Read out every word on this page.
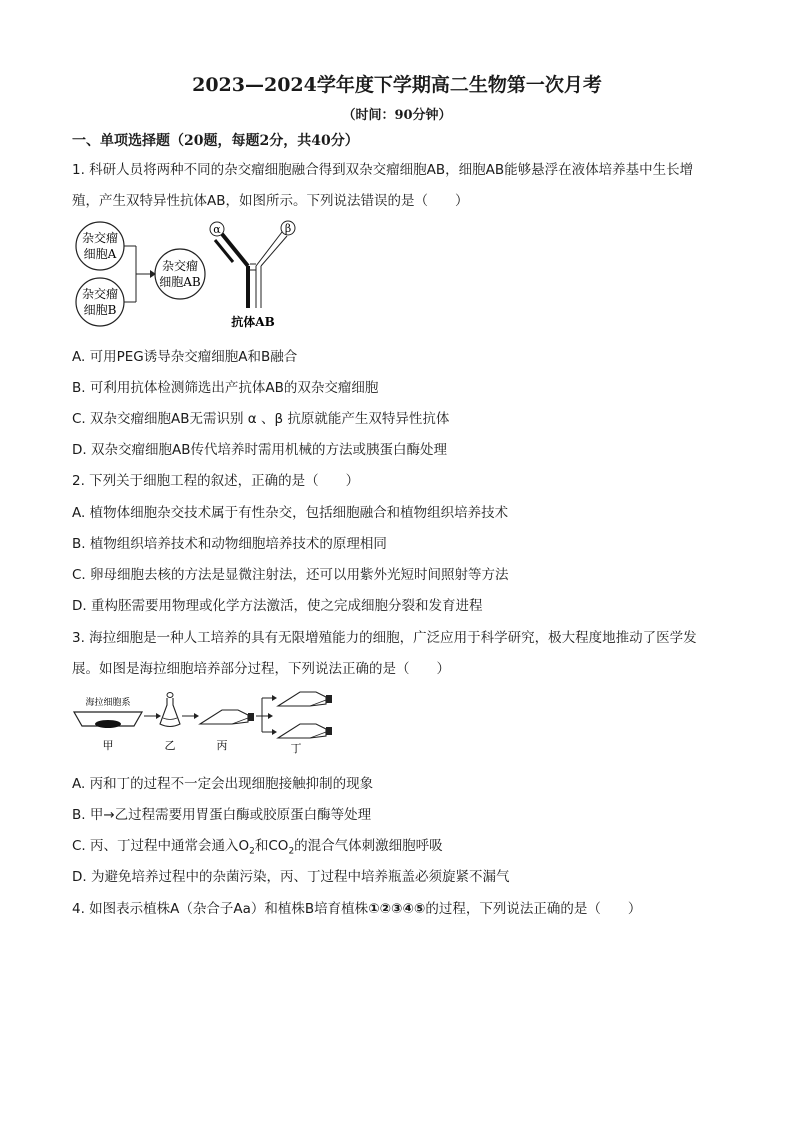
2023—2024学年度下学期高二生物第一次月考
（时间：90分钟）
一、单项选择题（20题，每题2分，共40分）
1. 科研人员将两种不同的杂交瘤细胞融合得到双杂交瘤细胞AB，细胞AB能够悬浮在液体培养基中生长增
殖，产生双特异性抗体AB，如图所示。下列说法错误的是（　　）
杂交瘤
细胞A
杂交瘤
细胞B
杂交瘤
细胞AB
α	β
抗体AB
A. 可用PEG诱导杂交瘤细胞A和B融合
B. 可利用抗体检测筛选出产抗体AB的双杂交瘤细胞
C. 双杂交瘤细胞AB无需识别 α 、β 抗原就能产生双特异性抗体
D. 双杂交瘤细胞AB传代培养时需用机械的方法或胰蛋白酶处理
2. 下列关于细胞工程的叙述，正确的是（　　）
A. 植物体细胞杂交技术属于有性杂交，包括细胞融合和植物组织培养技术
B. 植物组织培养技术和动物细胞培养技术的原理相同
C. 卵母细胞去核的方法是显微注射法，还可以用紫外光短时间照射等方法
D. 重构胚需要用物理或化学方法激活，使之完成细胞分裂和发育进程
3. 海拉细胞是一种人工培养的具有无限增殖能力的细胞，广泛应用于科学研究，极大程度地推动了医学发
展。如图是海拉细胞培养部分过程，下列说法正确的是（　　）
海拉细胞系
甲	乙	丙	丁
A. 丙和丁的过程不一定会出现细胞接触抑制的现象
B. 甲→乙过程需要用胃蛋白酶或胶原蛋白酶等处理
C. 丙、丁过程中通常会通入$O_2$和$CO_2$的混合气体刺激细胞呼吸
D. 为避免培养过程中的杂菌污染，丙、丁过程中培养瓶盖必须旋紧不漏气
4. 如图表示植株A（杂合子Aa）和植株B培育植株①②③④⑤的过程，下列说法正确的是（　　）
